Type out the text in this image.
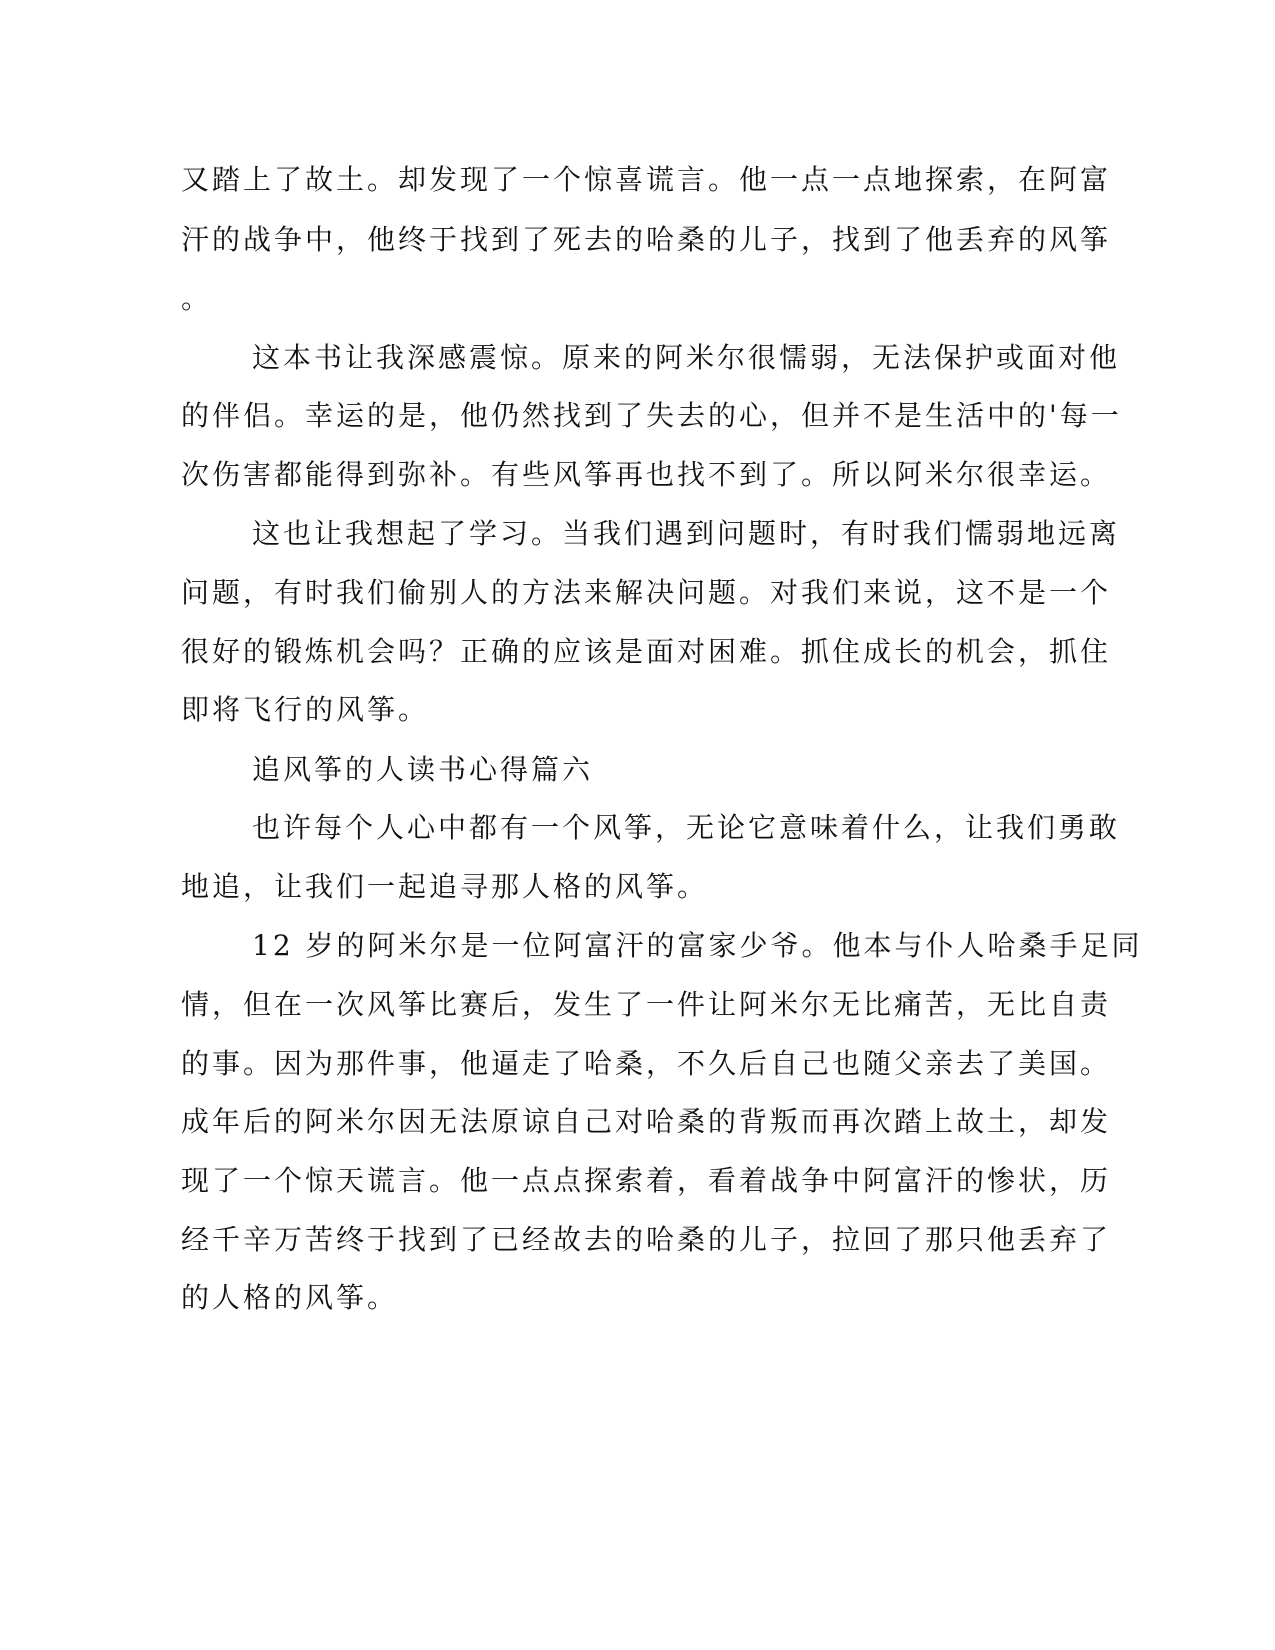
又踏上了故土。却发现了一个惊喜谎言。他一点一点地探索，在阿富

汗的战争中，他终于找到了死去的哈桑的儿子，找到了他丢弃的风筝

。

这本书让我深感震惊。原来的阿米尔很懦弱，无法保护或面对他

的伴侣。幸运的是，他仍然找到了失去的心，但并不是生活中的'每一

次伤害都能得到弥补。有些风筝再也找不到了。所以阿米尔很幸运。

这也让我想起了学习。当我们遇到问题时，有时我们懦弱地远离

问题，有时我们偷别人的方法来解决问题。对我们来说，这不是一个

很好的锻炼机会吗？正确的应该是面对困难。抓住成长的机会，抓住

即将飞行的风筝。

追风筝的人读书心得篇六

也许每个人心中都有一个风筝，无论它意味着什么，让我们勇敢

地追，让我们一起追寻那人格的风筝。

12 岁的阿米尔是一位阿富汗的富家少爷。他本与仆人哈桑手足同

情，但在一次风筝比赛后，发生了一件让阿米尔无比痛苦，无比自责

的事。因为那件事，他逼走了哈桑，不久后自己也随父亲去了美国。

成年后的阿米尔因无法原谅自己对哈桑的背叛而再次踏上故土，却发

现了一个惊天谎言。他一点点探索着，看着战争中阿富汗的惨状，历

经千辛万苦终于找到了已经故去的哈桑的儿子，拉回了那只他丢弃了

的人格的风筝。
